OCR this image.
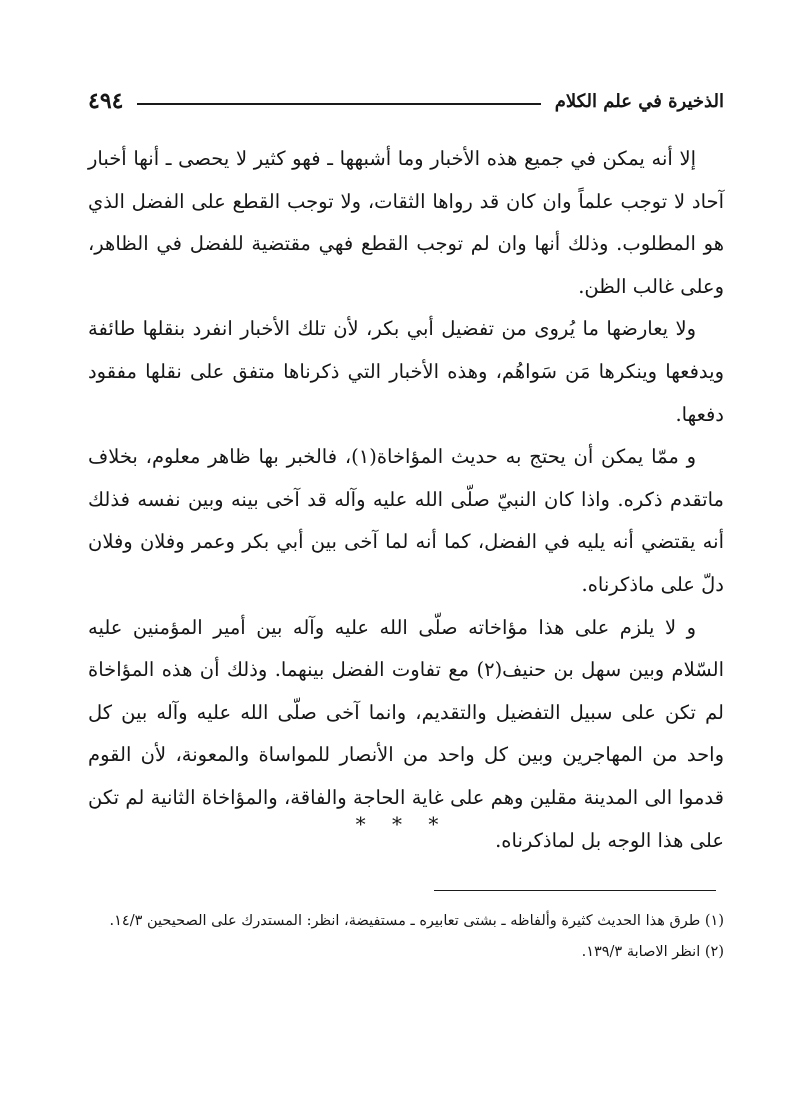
الذخيرة في علم الكلام
٤٩٤

إلا أنه يمكن في جميع هذه الأخبار وما أشبهها ـ فهو كثير لا يحصى ـ أنها أخبار آحاد لا توجب علماً وان كان قد رواها الثقات، ولا توجب القطع على الفضل الذي هو المطلوب. وذلك أنها وان لم توجب القطع فهي مقتضية للفضل في الظاهر، وعلى غالب الظن.

ولا يعارضها ما يُروى من تفضيل أبي بكر، لأن تلك الأخبار انفرد بنقلها طائفة ويدفعها وينكرها مَن سَواهُم، وهذه الأخبار التي ذكرناها متفق على نقلها مفقود دفعها.

و ممّا يمكن أن يحتج به حديث المؤاخاة(١)، فالخبر بها ظاهر معلوم، بخلاف ماتقدم ذكره. واذا كان النبيّ صلّى الله عليه وآله قد آخى بينه وبين نفسه فذلك أنه يقتضي أنه يليه في الفضل، كما أنه لما آخى بين أبي بكر وعمر وفلان وفلان دلّ على ماذكرناه.

و لا يلزم على هذا مؤاخاته صلّى الله عليه وآله بين أمير المؤمنين عليه السّلام وبين سهل بن حنيف(٢) مع تفاوت الفضل بينهما. وذلك أن هذه المؤاخاة لم تكن على سبيل التفضيل والتقديم، وانما آخى صلّى الله عليه وآله بين كل واحد من المهاجرين وبين كل واحد من الأنصار للمواساة والمعونة، لأن القوم قدموا الى المدينة مقلين وهم على غاية الحاجة والفاقة، والمؤاخاة الثانية لم تكن على هذا الوجه بل لماذكرناه.

* * *

(١) طرق هذا الحديث كثيرة وألفاظه ـ بشتى تعابيره ـ مستفيضة، انظر: المستدرك على الصحيحين ١٤/٣.

(٢) انظر الاصابة ١٣٩/٣.
